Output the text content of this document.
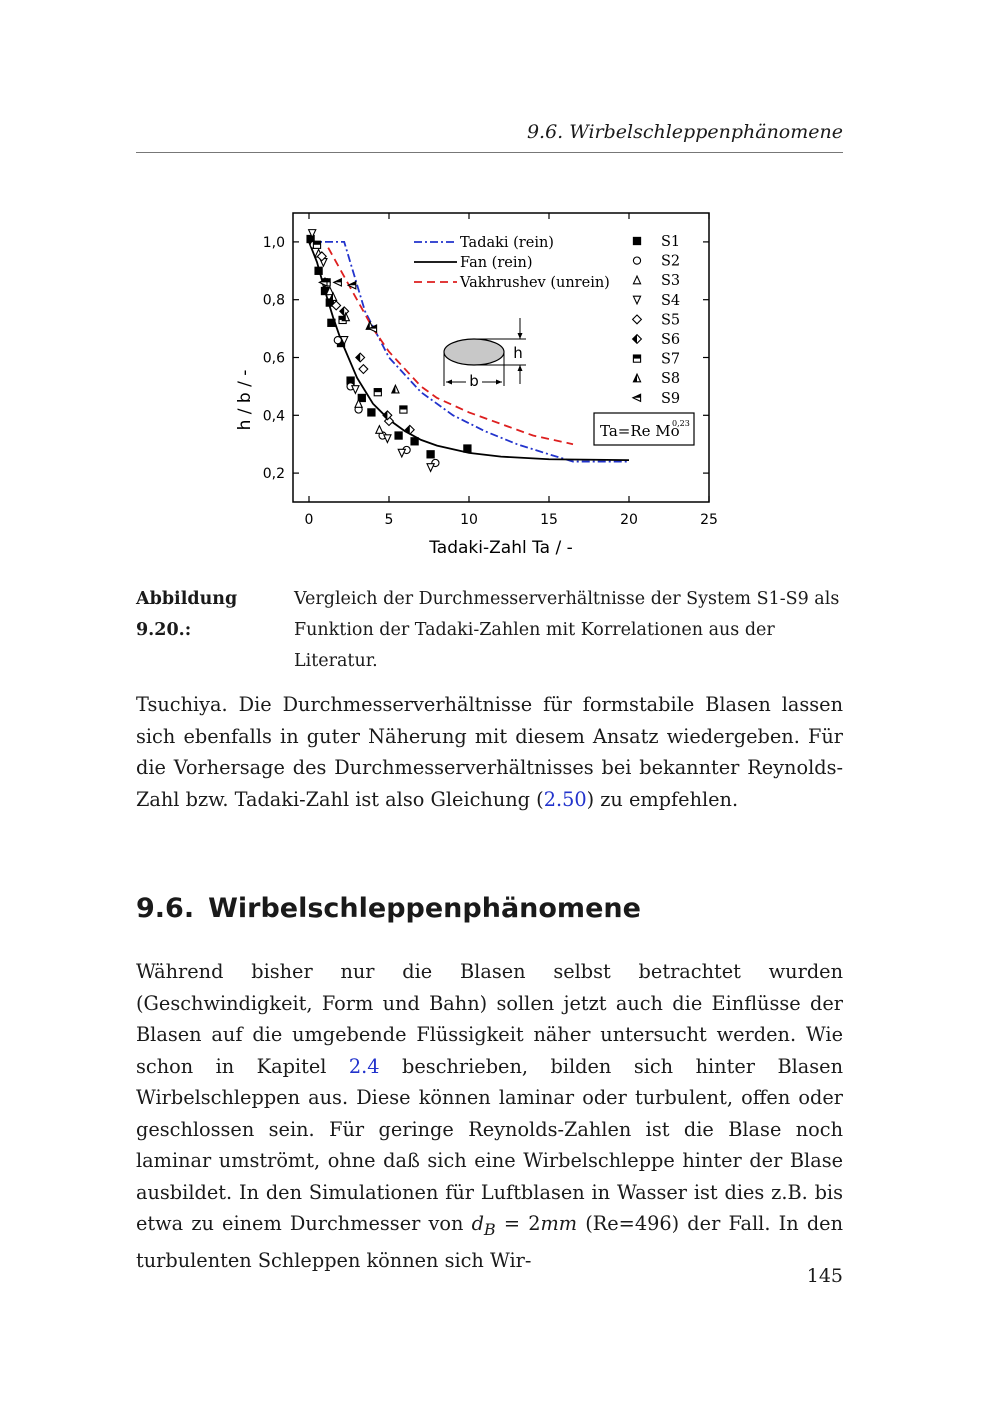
9.6. Wirbelschleppenphänomene
0	5	10	15	20	25
0,2
0,4
0,6
0,8
1,0	Tadaki (rein)
Fan (rein)
Vakhrushev (unrein)
S1
S2
S3
S4
S5
S6
S7
S8
S9
b
h
Ta=Re Mo
0,23
h / b / -
Tadaki-Zahl Ta / -
Abbildung 9.20.:
Vergleich der Durchmesserverhältnisse der System S1-S9 als Funktion der Tadaki-Zahlen mit Korrelationen aus der Literatur.
Tsuchiya. Die Durchmesserverhältnisse für formstabile Blasen lassen sich ebenfalls in guter Näherung mit diesem Ansatz wiedergeben. Für die Vorhersage des Durchmesserverhältnisses bei bekannter Reynolds-Zahl bzw. Tadaki-Zahl ist also Gleichung (2.50) zu empfehlen.
9.6. Wirbelschleppenphänomene
Während bisher nur die Blasen selbst betrachtet wurden (Geschwindigkeit, Form und Bahn) sollen jetzt auch die Einflüsse der Blasen auf die umgebende Flüssigkeit näher untersucht werden. Wie schon in Kapitel 2.4 beschrieben, bilden sich hinter Blasen Wirbelschleppen aus. Diese können laminar oder turbulent, offen oder geschlossen sein. Für geringe Reynolds-Zahlen ist die Blase noch laminar umströmt, ohne daß sich eine Wirbelschleppe hinter der Blase ausbildet. In den Simulationen für Luftblasen in Wasser ist dies z.B. bis etwa zu einem Durchmesser von $d_B = 2mm$ (Re=496) der Fall. In den turbulenten Schleppen können sich Wir-
145
